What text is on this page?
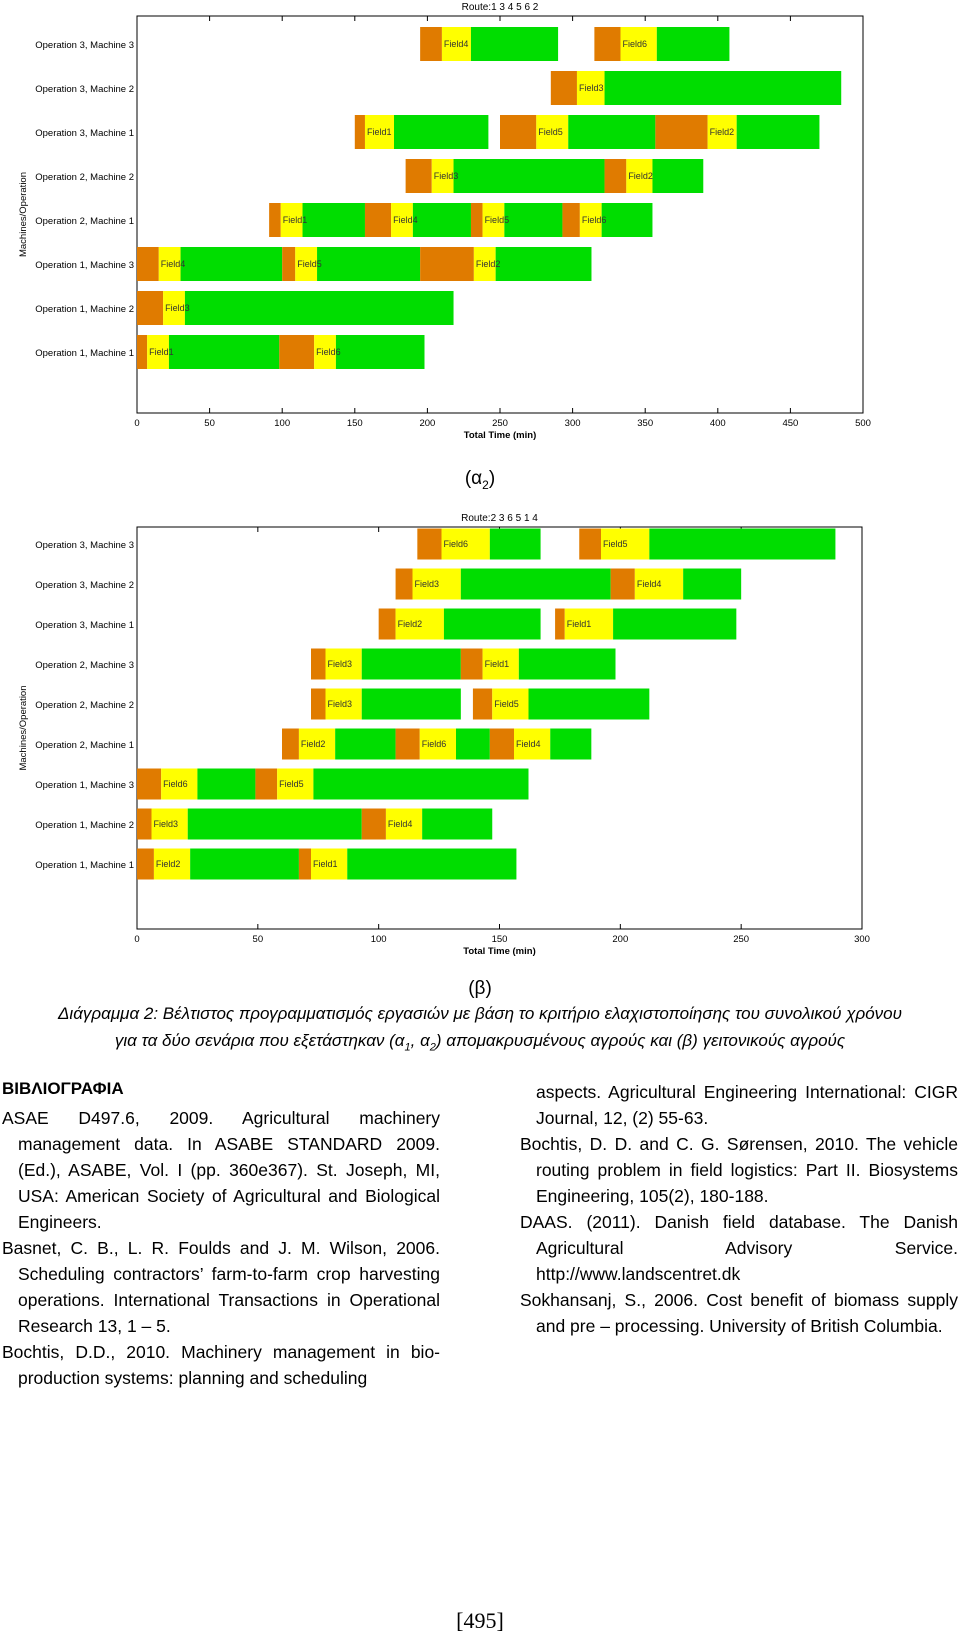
Route:1 3 4 5 6 2
Machines/Operation
Operation 3, Machine 3
Operation 3, Machine 2
Operation 3, Machine 1
Operation 2, Machine 2
Operation 2, Machine 1
Operation 1, Machine 3
Operation 1, Machine 2
Operation 1, Machine 1
0	50	100	150	200	250	300	350	400	450	500
Total Time (min)
Field4	Field6
Field3
Field1	Field5	Field2
Field3	Field2
Field1	Field4	Field5	Field6
Field4	Field5	Field2
Field3
Field1	Field6
$(\alpha_2)$
Route:2 3 6 5 1 4
Machines/Operation
Operation 3, Machine 3
Operation 3, Machine 2
Operation 3, Machine 1
Operation 2, Machine 3
Operation 2, Machine 2
Operation 2, Machine 1
Operation 1, Machine 3
Operation 1, Machine 2
Operation 1, Machine 1
0	50	100	150	200	250	300
Total Time (min)
Field6	Field5
Field3	Field4
Field2	Field1
Field3	Field1
Field3	Field5
Field2	Field6	Field4
Field6	Field5
Field3	Field4
Field2	Field1
(β)
Διάγραμμα 2: Βέλτιστος προγραμματισμός εργασιών με βάση το κριτήριο ελαχιστοποίησης του συνολικού χρόνου
για τα δύο σενάρια που εξετάστηκαν ($\alpha_1$, $\alpha_2$) απομακρυσμένους αγρούς και (β) γειτονικούς αγρούς
ΒΙΒΛΙΟΓΡΑΦΙΑ

ASAE D497.6, 2009. Agricultural machinery management data. In ASABE STANDARD 2009. (Ed.), ASABE, Vol. I (pp. 360e367). St. Joseph, MI, USA: American Society of Agricultural and Biological Engineers.

Basnet, C. B., L. R. Foulds and J. M. Wilson, 2006. Scheduling contractors’ farm-to-farm crop harvesting operations. International Transactions in Operational Research 13, 1 – 5.

Bochtis, D.D., 2010. Machinery management in bio-production systems: planning and scheduling

aspects. Agricultural Engineering International: CIGR Journal, 12, (2) 55-63.

Bochtis, D. D. and C. G. Sørensen, 2010. The vehicle routing problem in field logistics: Part II. Biosystems Engineering, 105(2), 180-188.

DAAS. (2011). Danish field database. The Danish Agricultural Advisory Service. http://www.landscentret.dk

Sokhansanj, S., 2006. Cost benefit of biomass supply and pre – processing. University of British Columbia.

[495]
